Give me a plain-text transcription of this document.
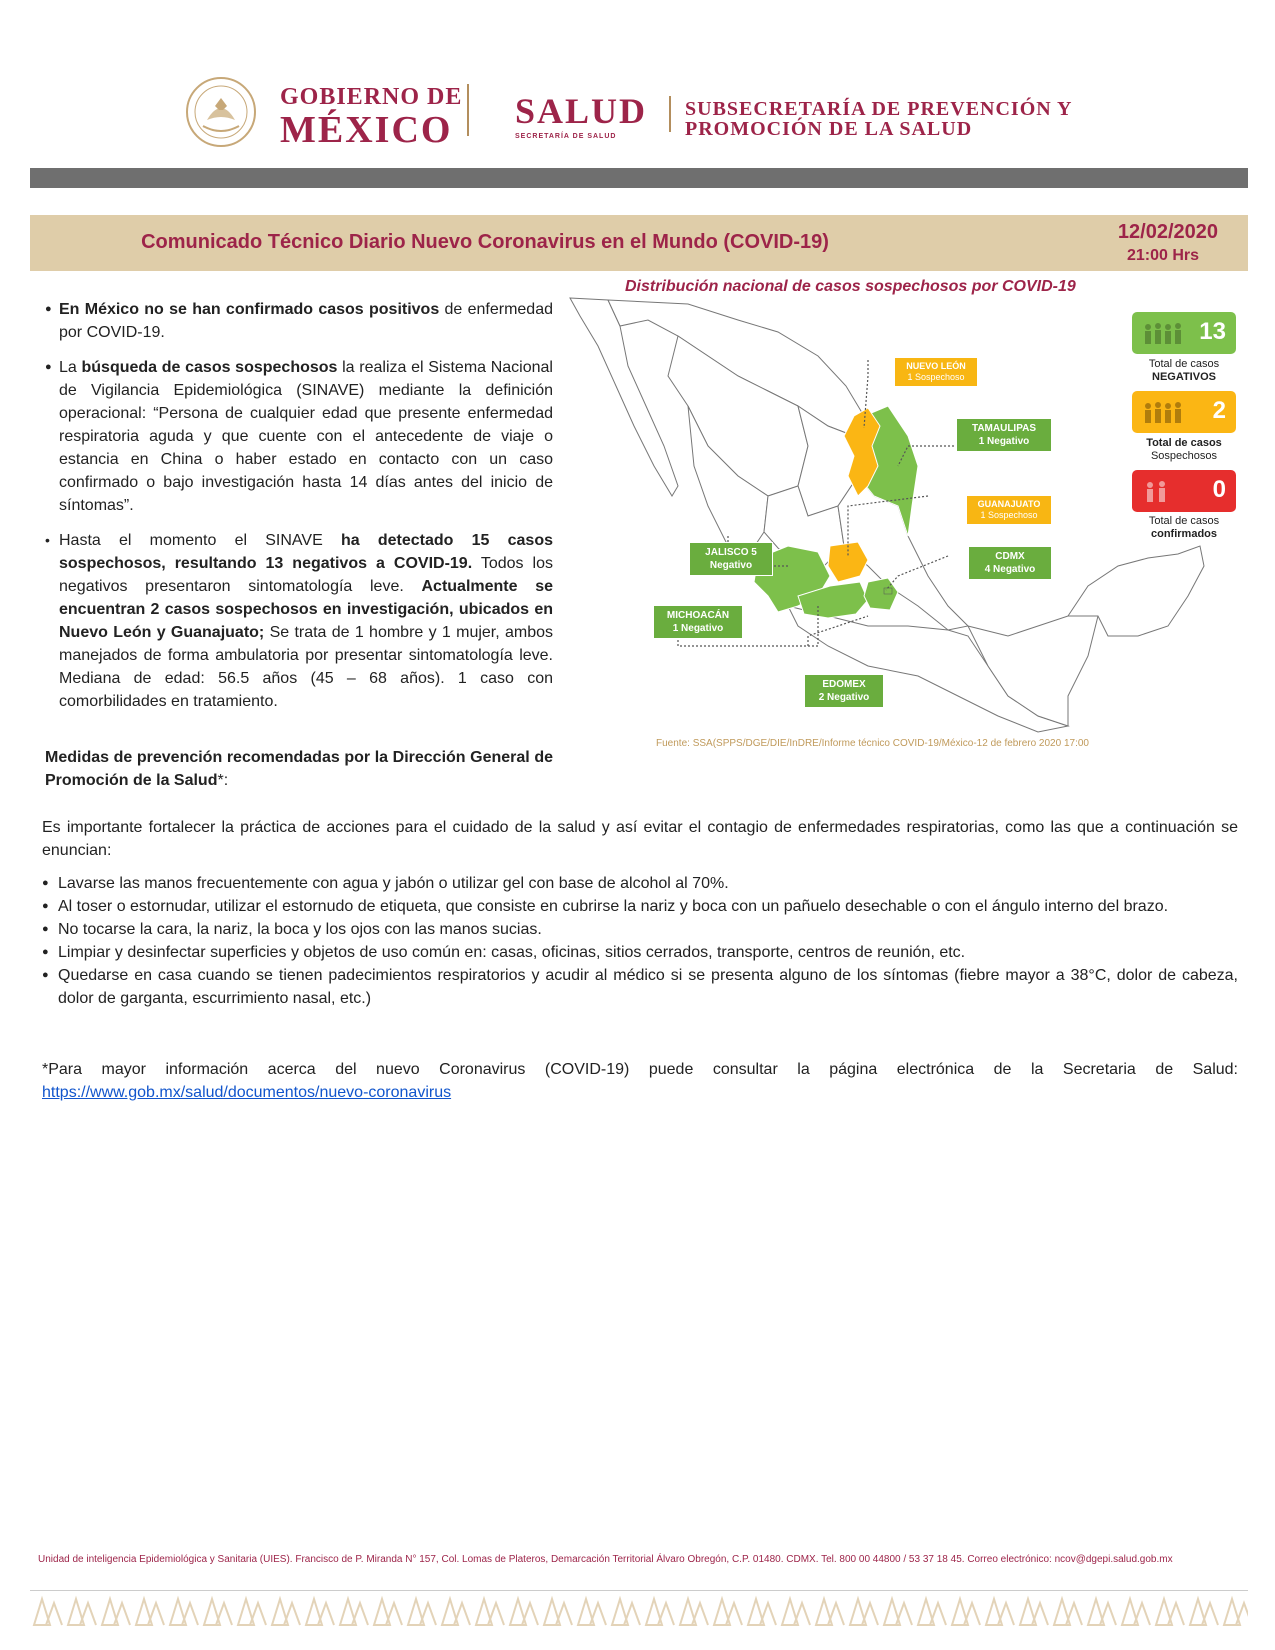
GOBIERNO DE
MÉXICO SALUD
SECRETARÍA DE SALUD
SUBSECRETARÍA DE PREVENCIÓN Y
PROMOCIÓN DE LA SALUD
Comunicado Técnico Diario Nuevo Coronavirus en el Mundo (COVID-19)	12/02/2020
21:00 Hrs
● En México no se han confirmado casos positivos de enfermedad por COVID-19.
● La búsqueda de casos sospechosos la realiza el Sistema Nacional de Vigilancia Epidemiológica (SINAVE) mediante la definición operacional: “Persona de cualquier edad que presente enfermedad respiratoria aguda y que cuente con el antecedente de viaje o estancia en China o haber estado en contacto con un caso confirmado o bajo investigación hasta 14 días antes del inicio de síntomas”.
• Hasta el momento el SINAVE ha detectado 15 casos sospechosos, resultando 13 negativos a COVID-19. Todos los negativos presentaron sintomatología leve. Actualmente se encuentran 2 casos sospechosos en investigación, ubicados en Nuevo León y Guanajuato; Se trata de 1 hombre y 1 mujer, ambos manejados de forma ambulatoria por presentar sintomatología leve. Mediana de edad: 56.5 años (45 – 68 años). 1 caso con comorbilidades en tratamiento.
Medidas de prevención recomendadas por la Dirección General de Promoción de la Salud*:
Distribución nacional de casos sospechosos por COVID-19
NUEVO LEÓN
1 Sospechoso
TAMAULIPAS
1 Negativo
GUANAJUATO
1 Sospechoso
JALISCO 5
Negativo
CDMX
4 Negativo
MICHOACÁN
1 Negativo
EDOMEX
2 Negativo
13
Total de casos
NEGATIVOS
2
Total de casos
Sospechosos
0
Total de casos
confirmados
Fuente: SSA(SPPS/DGE/DIE/InDRE/Informe técnico COVID-19/México-12 de febrero 2020 17:00
Es importante fortalecer la práctica de acciones para el cuidado de la salud y así evitar el contagio de enfermedades respiratorias, como las que a continuación se enuncian:
● Lavarse las manos frecuentemente con agua y jabón o utilizar gel con base de alcohol al 70%.
● Al toser o estornudar, utilizar el estornudo de etiqueta, que consiste en cubrirse la nariz y boca con un pañuelo desechable o con el ángulo interno del brazo.
● No tocarse la cara, la nariz, la boca y los ojos con las manos sucias.
● Limpiar y desinfectar superficies y objetos de uso común en: casas, oficinas, sitios cerrados, transporte, centros de reunión, etc.
● Quedarse en casa cuando se tienen padecimientos respiratorios y acudir al médico si se presenta alguno de los síntomas (fiebre mayor a 38°C, dolor de cabeza, dolor de garganta, escurrimiento nasal, etc.)
*Para mayor información acerca del nuevo Coronavirus (COVID-19) puede consultar la página electrónica de la Secretaria de Salud: https://www.gob.mx/salud/documentos/nuevo-coronavirus
Unidad de inteligencia Epidemiológica y Sanitaria (UIES). Francisco de P. Miranda N° 157, Col. Lomas de Plateros, Demarcación Territorial Álvaro Obregón, C.P. 01480. CDMX. Tel. 800 00 44800 / 53 37 18 45. Correo electrónico: ncov@dgepi.salud.gob.mx
